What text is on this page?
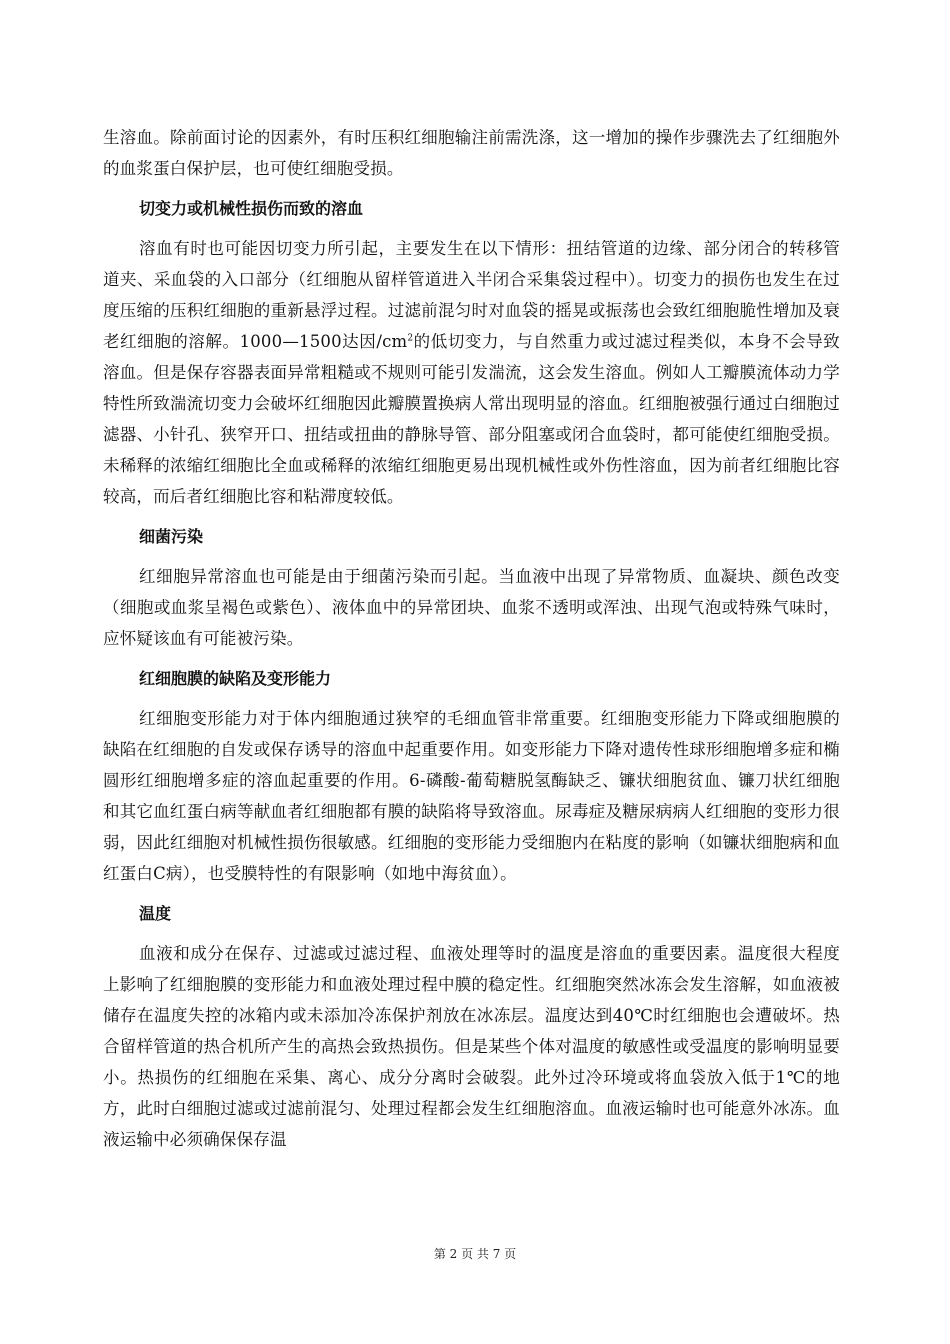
生溶血。除前面讨论的因素外，有时压积红细胞输注前需洗涤，这一增加的操作步骤洗去了红细胞外的血浆蛋白保护层，也可使红细胞受损。

切变力或机械性损伤而致的溶血

溶血有时也可能因切变力所引起，主要发生在以下情形：扭结管道的边缘、部分闭合的转移管道夹、采血袋的入口部分（红细胞从留样管道进入半闭合采集袋过程中）。切变力的损伤也发生在过度压缩的压积红细胞的重新悬浮过程。过滤前混匀时对血袋的摇晃或振荡也会致红细胞脆性增加及衰老红细胞的溶解。1000—1500达因$/cm^2$的低切变力，与自然重力或过滤过程类似，本身不会导致溶血。但是保存容器表面异常粗糙或不规则可能引发湍流，这会发生溶血。例如人工瓣膜流体动力学特性所致湍流切变力会破坏红细胞因此瓣膜置换病人常出现明显的溶血。红细胞被强行通过白细胞过滤器、小针孔、狭窄开口、扭结或扭曲的静脉导管、部分阻塞或闭合血袋时，都可能使红细胞受损。未稀释的浓缩红细胞比全血或稀释的浓缩红细胞更易出现机械性或外伤性溶血，因为前者红细胞比容较高，而后者红细胞比容和粘滞度较低。

细菌污染

红细胞异常溶血也可能是由于细菌污染而引起。当血液中出现了异常物质、血凝块、颜色改变（细胞或血浆呈褐色或紫色）、液体血中的异常团块、血浆不透明或浑浊、出现气泡或特殊气味时，应怀疑该血有可能被污染。

红细胞膜的缺陷及变形能力

红细胞变形能力对于体内细胞通过狭窄的毛细血管非常重要。红细胞变形能力下降或细胞膜的缺陷在红细胞的自发或保存诱导的溶血中起重要作用。如变形能力下降对遗传性球形细胞增多症和椭圆形红细胞增多症的溶血起重要的作用。6-磷酸-葡萄糖脱氢酶缺乏、镰状细胞贫血、镰刀状红细胞和其它血红蛋白病等献血者红细胞都有膜的缺陷将导致溶血。尿毒症及糖尿病病人红细胞的变形力很弱，因此红细胞对机械性损伤很敏感。红细胞的变形能力受细胞内在粘度的影响（如镰状细胞病和血红蛋白C病），也受膜特性的有限影响（如地中海贫血）。

温度

血液和成分在保存、过滤或过滤过程、血液处理等时的温度是溶血的重要因素。温度很大程度上影响了红细胞膜的变形能力和血液处理过程中膜的稳定性。红细胞突然冰冻会发生溶解，如血液被储存在温度失控的冰箱内或未添加冷冻保护剂放在冰冻层。温度达到40℃时红细胞也会遭破坏。热合留样管道的热合机所产生的高热会致热损伤。但是某些个体对温度的敏感性或受温度的影响明显要小。热损伤的红细胞在采集、离心、成分分离时会破裂。此外过冷环境或将血袋放入低于1℃的地方，此时白细胞过滤或过滤前混匀、处理过程都会发生红细胞溶血。血液运输时也可能意外冰冻。血液运输中必须确保保存温

第 2 页 共 7 页
